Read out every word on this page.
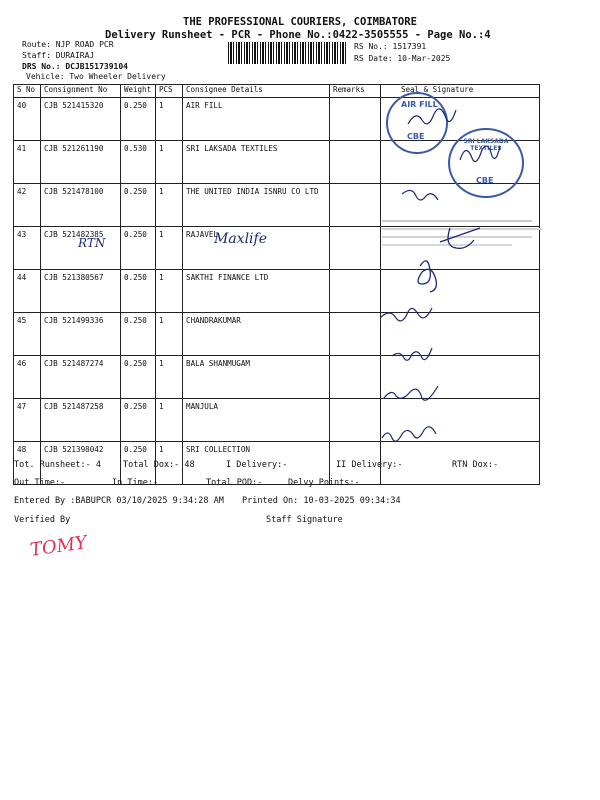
THE PROFESSIONAL COURIERS, COIMBATORE
Delivery Runsheet - PCR - Phone No.:0422-3505555 - Page No.:4
Route: NJP ROAD PCR
Staff: DURAIRAJ
DRS No.: DCJB151739104
Vehicle: Two Wheeler Delivery
RS No.: 1517391
RS Date: 10-Mar-2025
S No	Consignment No	Weight	PCS	Consignee Details	Remarks	Seal & Signature
40	CJB 521415320	0.250	1	AIR FILL		
41	CJB 521261190	0.530	1	SRI LAKSADA TEXTILES		
42	CJB 521478100	0.250	1	THE UNITED INDIA ISNRU CO LTD		
43	CJB 521482385	0.250	1	RAJAVEL		
44	CJB 521380567	0.250	1	SAKTHI FINANCE LTD		
45	CJB 521499336	0.250	1	CHANDRAKUMAR		
46	CJB 521487274	0.250	1	BALA SHANMUGAM		
47	CJB 521487258	0.250	1	MANJULA		
48	CJB 521398042	0.250	1	SRI COLLECTION		
AIR FILL
CBE
SRI LAKSADA TEXTILES
CBE
RTN	Maxlife
Tot. Runsheet:- 4	Total Dox:- 48	I Delivery:-	II Delivery:-	RTN Dox:-
Out Time:-	In Time:-	Total POD:-	Delvy Points:-
Entered By :BABUPCR 03/10/2025 9:34:28 AM Printed On: 10-03-2025 09:34:34
Verified By	Staff Signature
TOMY
